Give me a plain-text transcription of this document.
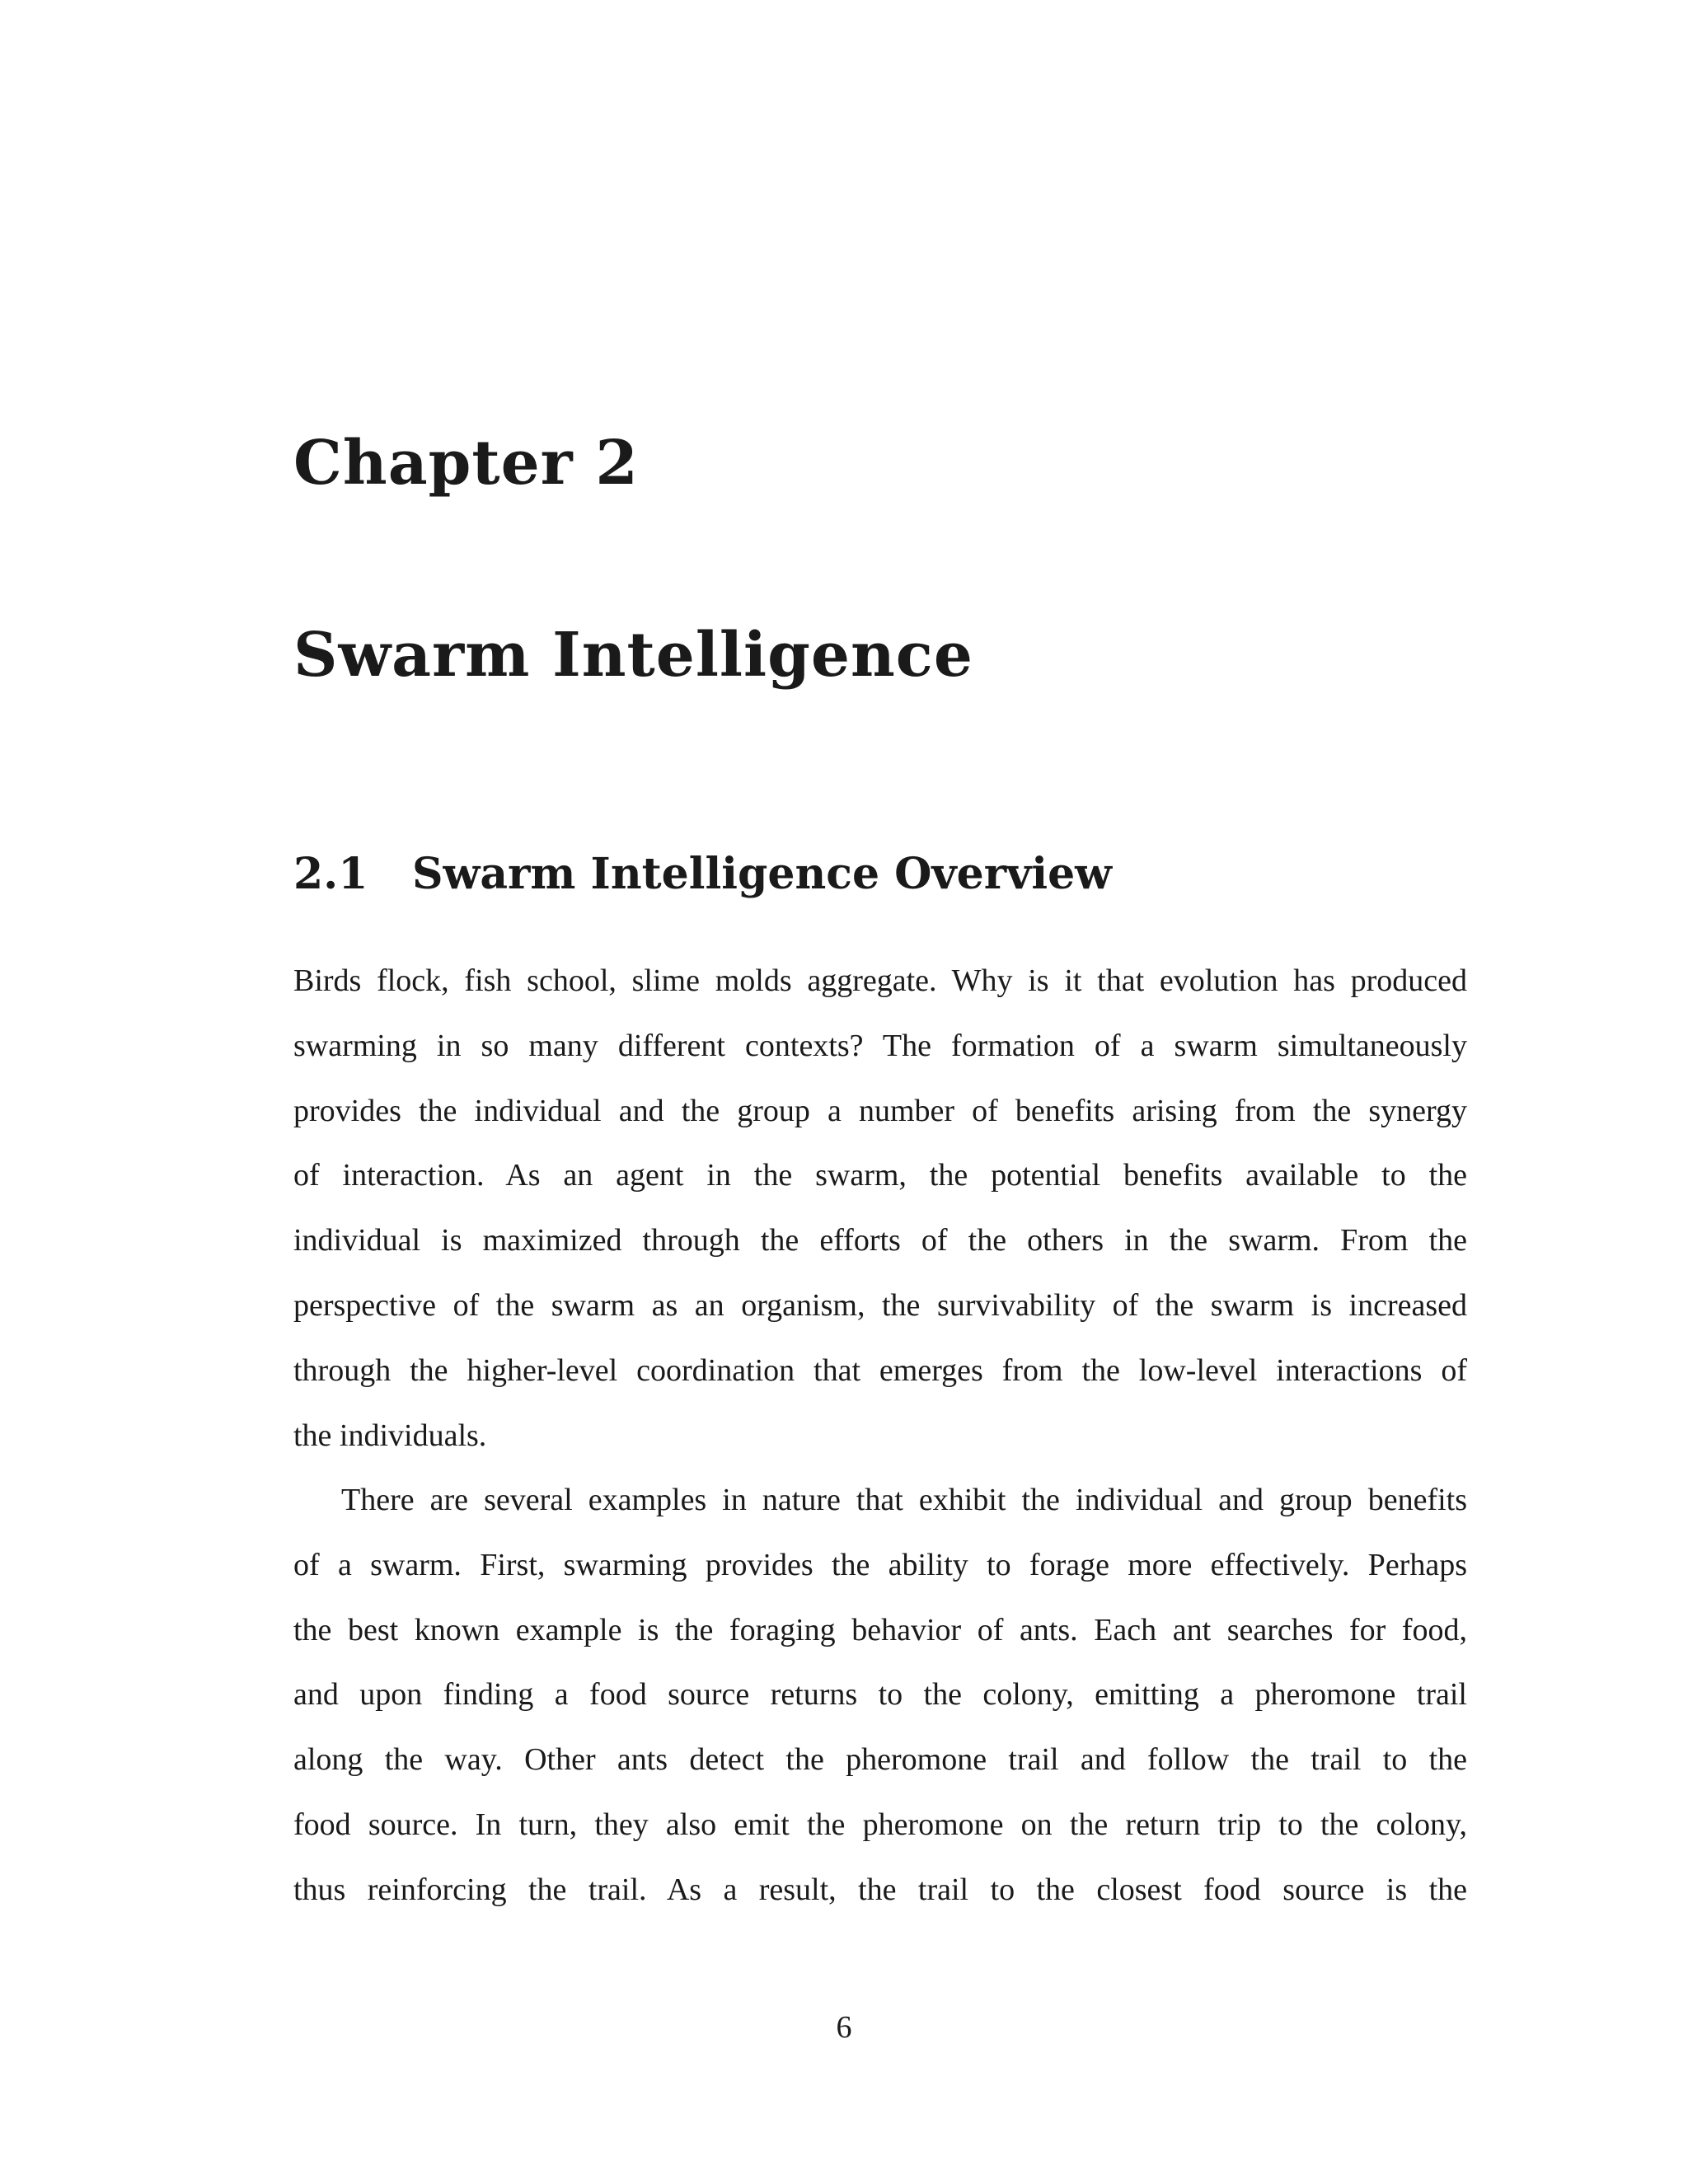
Chapter 2
Swarm Intelligence
2.1 Swarm Intelligence Overview
Birds flock, fish school, slime molds aggregate. Why is it that evolution has produced
swarming in so many different contexts? The formation of a swarm simultaneously
provides the individual and the group a number of benefits arising from the synergy
of interaction. As an agent in the swarm, the potential benefits available to the
individual is maximized through the efforts of the others in the swarm. From the
perspective of the swarm as an organism, the survivability of the swarm is increased
through the higher-level coordination that emerges from the low-level interactions of
the individuals.
There are several examples in nature that exhibit the individual and group benefits
of a swarm. First, swarming provides the ability to forage more effectively. Perhaps
the best known example is the foraging behavior of ants. Each ant searches for food,
and upon finding a food source returns to the colony, emitting a pheromone trail
along the way. Other ants detect the pheromone trail and follow the trail to the
food source. In turn, they also emit the pheromone on the return trip to the colony,
thus reinforcing the trail. As a result, the trail to the closest food source is the
6
